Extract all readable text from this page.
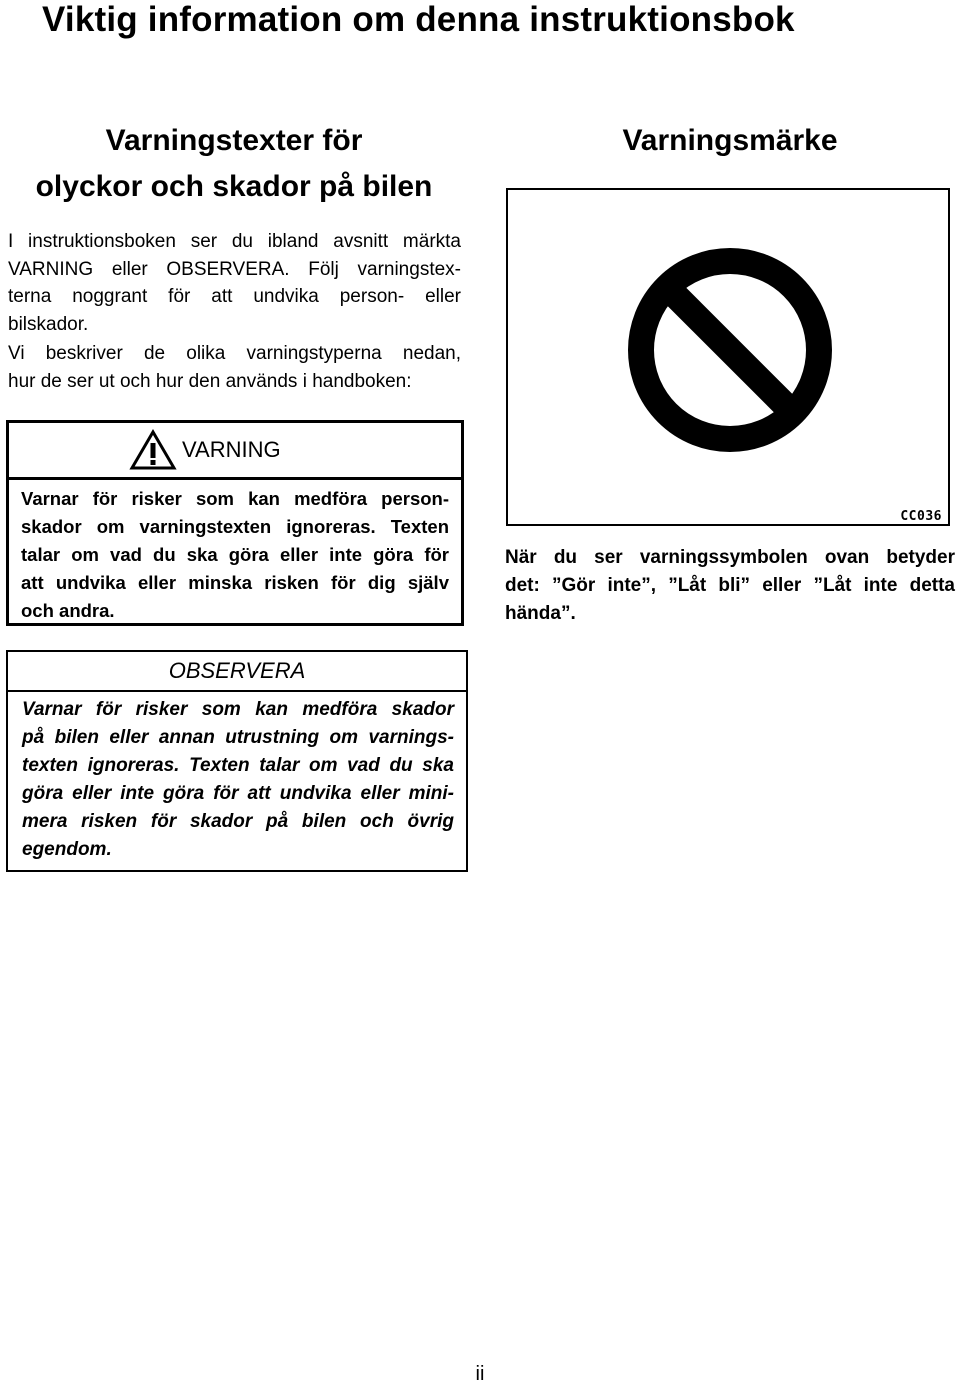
Viktig information om denna instruktionsbok
Varningstexter för
olyckor och skador på bilen
Varningsmärke

I instruktionsboken ser du ibland avsnitt märkta

VARNING eller OBSERVERA. Följ varningstex-

terna noggrant för att undvika person- eller

bilskador.

Vi beskriver de olika varningstyperna nedan,

hur de ser ut och hur den används i handboken:

VARNING

Varnar för risker som kan medföra person-
skador om varningstexten ignoreras. Texten
talar om vad du ska göra eller inte göra för
att undvika eller minska risken för dig själv
och andra.

OBSERVERA

Varnar för risker som kan medföra skador
på bilen eller annan utrustning om varnings-
texten ignoreras. Texten talar om vad du ska
göra eller inte göra för att undvika eller mini-
mera risken för skador på bilen och övrig
egendom.

CC036

När du ser varningssymbolen ovan betyder
det: ”Gör inte”, ”Låt bli” eller ”Låt inte detta
hända”.

ii
